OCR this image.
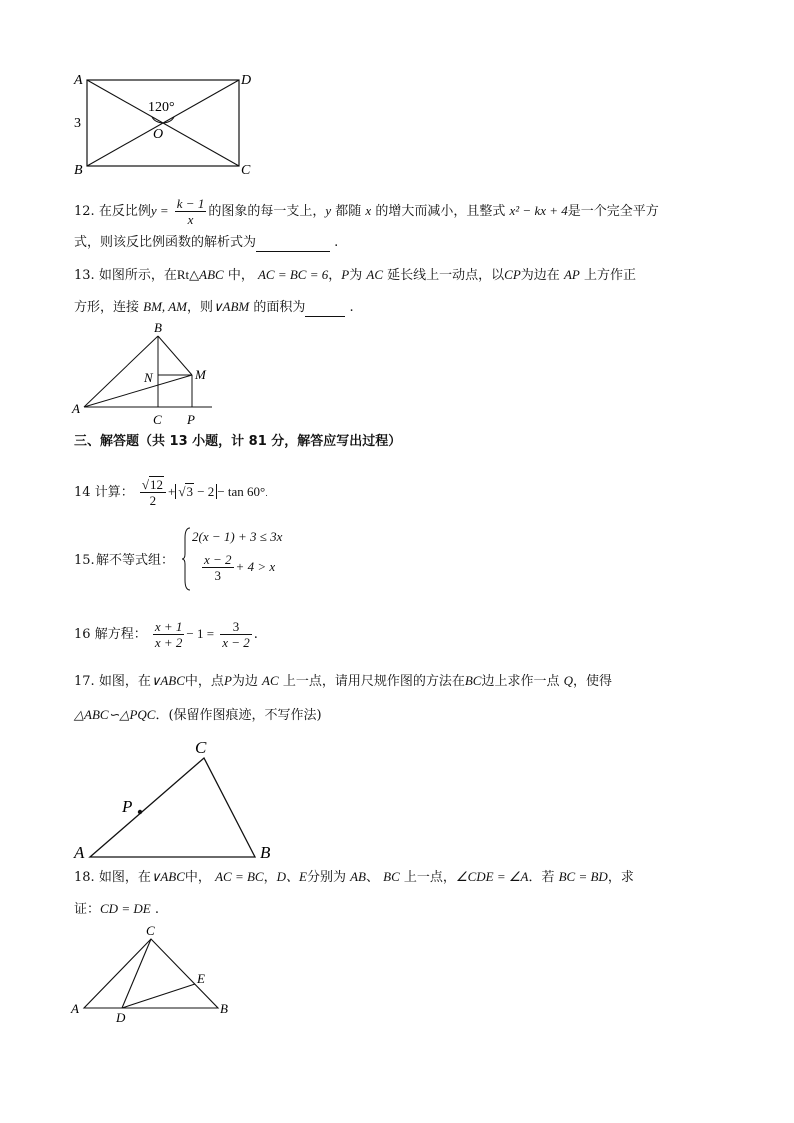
A	D
B	C
O
3
120°
12. 在反比例$y = \frac{k - 1}{x}$ 的图象的每一支上，y 都随 x 的增大而减小，且整式 x² − kx + 4是一个完全平方
式，则该反比例函数的解析式为	.
13. 如图所示，在Rt△ABC 中， AC = BC = 6，P为 AC 延长线上一动点，以CP为边在 AP 上方作正
方形，连接 BM, AM，则∨ABM 的面积为	.
B
N	M
A
C P
三、解答题（共 13 小题，计 81 分，解答应写出过程）
14 计算： $\frac{√12}{2} + √3 - 2 - \tan 60^\circ$.
15. 解不等式组：
2(x − 1) + 3 ≤ 3x
$\frac{x - 2}{3} + 4 > x$
16 解方程： $\frac{x + 1}{x + 2} - 1 = \frac{3}{x - 2}$ .
17. 如图，在∨ABC中，点P为边 AC 上一点，请用尺规作图的方法在BC边上求作一点 Q，使得
△ABC∽△PQC．(保留作图痕迹，不写作法)
C
P
A	B
18. 如图，在∨ABC中， AC = BC，D、E分别为 AB、 BC 上一点，∠CDE = ∠A．若 BC = BD，求
证：CD = DE .
C
E
A
D
B
